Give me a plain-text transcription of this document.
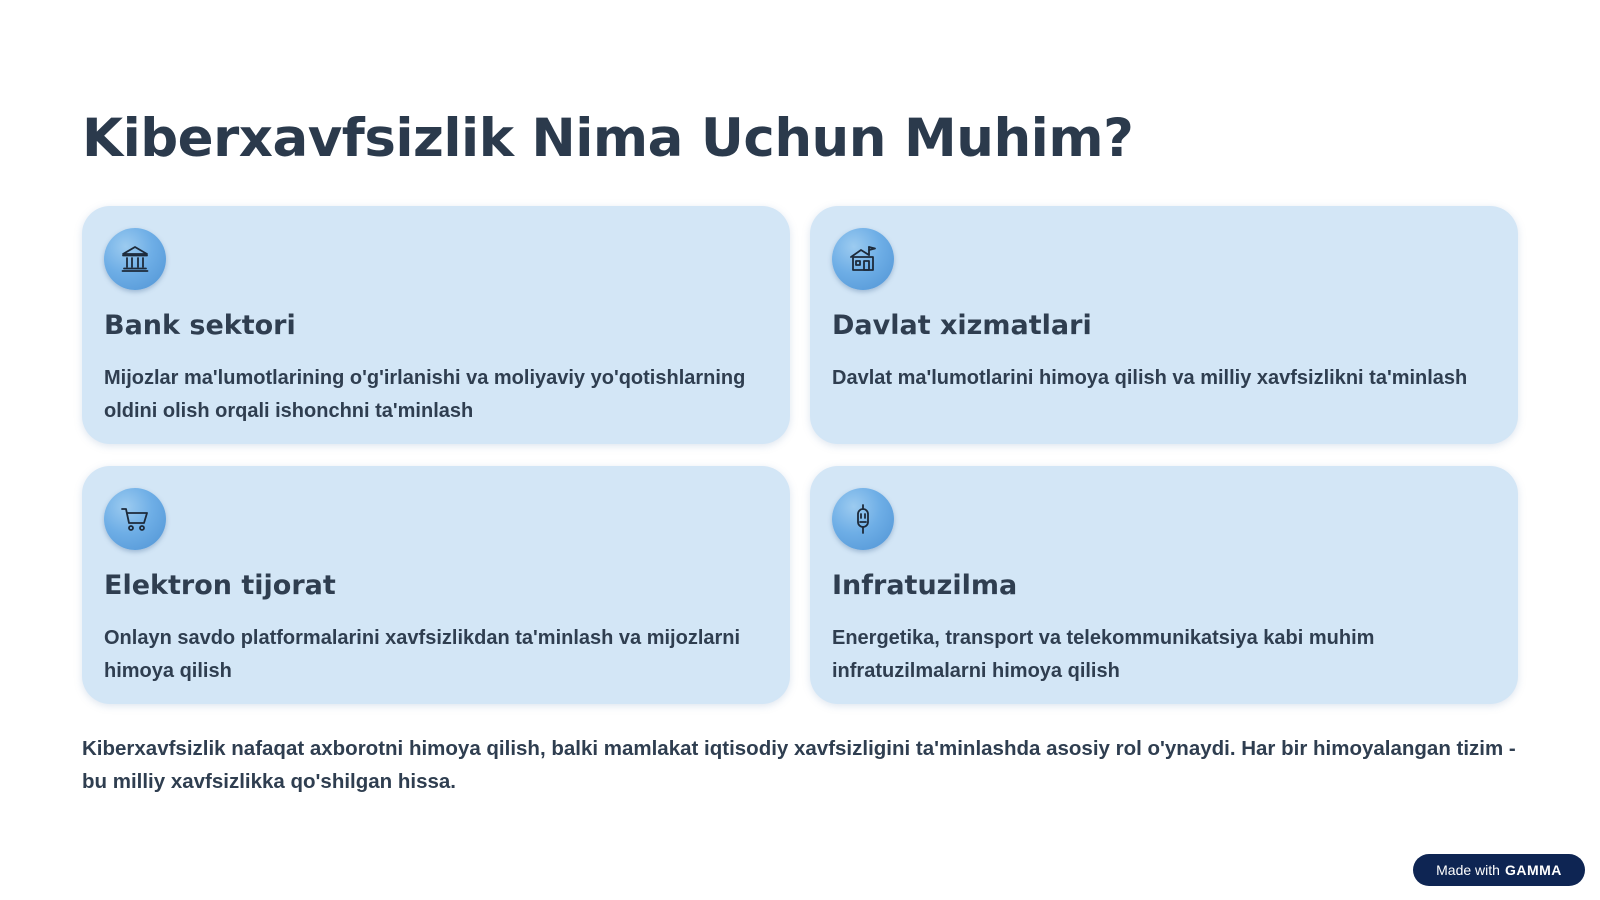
Kiberxavfsizlik Nima Uchun Muhim?
Bank sektori
Mijozlar ma'lumotlarining o'g'irlanishi va moliyaviy yo'qotishlarning oldini olish orqali ishonchni ta'minlash
Davlat xizmatlari
Davlat ma'lumotlarini himoya qilish va milliy xavfsizlikni ta'minlash
Elektron tijorat
Onlayn savdo platformalarini xavfsizlikdan ta'minlash va mijozlarni himoya qilish
Infratuzilma
Energetika, transport va telekommunikatsiya kabi muhim infratuzilmalarni himoya qilish

Kiberxavfsizlik nafaqat axborotni himoya qilish, balki mamlakat iqtisodiy xavfsizligini ta'minlashda asosiy rol o'ynaydi. Har bir himoyalangan tizim - bu milliy xavfsizlikka qo'shilgan hissa.

Made with GAMMA
